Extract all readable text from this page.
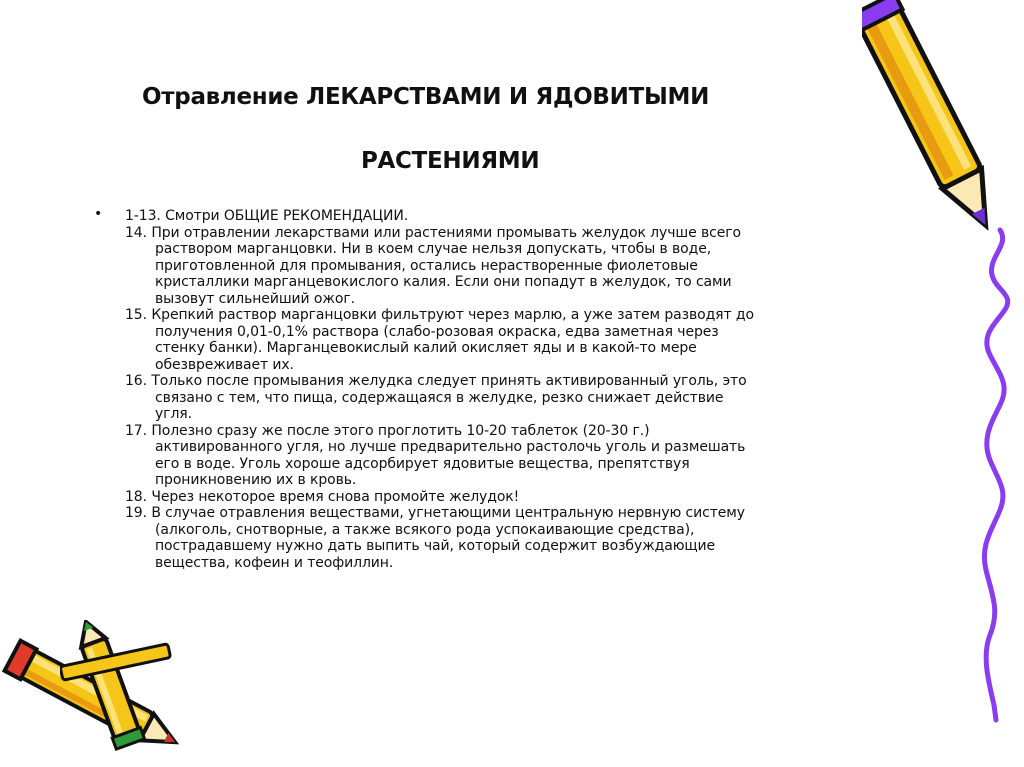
Отравление ЛЕКАРСТВАМИ И ЯДОВИТЫМИ
РАСТЕНИЯМИ
• 1-13. Смотри ОБЩИЕ РЕКОМЕНДАЦИИ.
14. При отравлении лекарствами или растениями промывать желудок лучше всего раствором марганцовки. Ни в коем случае нельзя допускать, чтобы в воде, приготовленной для промывания, остались нерастворенные фиолетовые кристаллики марганцевокислого калия. Если они попадут в желудок, то сами вызовут сильнейший ожог.
15. Крепкий раствор марганцовки фильтруют через марлю, а уже затем разводят до получения 0,01-0,1% раствора (слабо-розовая окраска, едва заметная через стенку банки). Марганцевокислый калий окисляет яды и в какой-то мере обезвреживает их.
16. Только после промывания желудка следует принять активированный уголь, это связано с тем, что пища, содержащаяся в желудке, резко снижает действие угля.
17. Полезно сразу же после этого проглотить 10-20 таблеток (20-30 г.) активированного угля, но лучше предварительно растолочь уголь и размешать его в воде. Уголь хороше адсорбирует ядовитые вещества, препятствуя проникновению их в кровь.
18. Через некоторое время снова промойте желудок!
19. В случае отравления веществами, угнетающими центральную нервную систему (алкоголь, снотворные, а также всякого рода успокаивающие средства), пострадавшему нужно дать выпить чай, который содержит возбуждающие вещества, кофеин и теофиллин.
